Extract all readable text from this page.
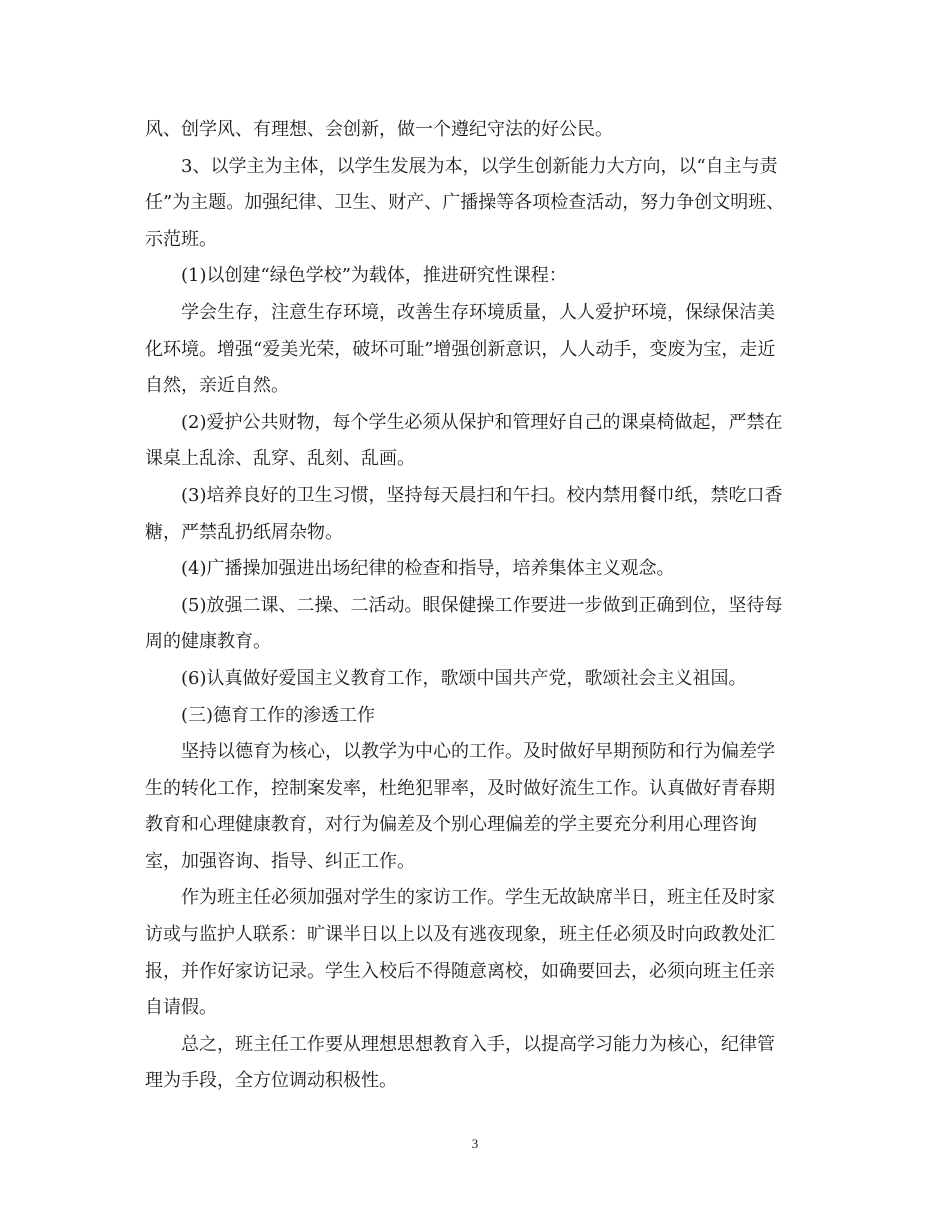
风、创学风、有理想、会创新，做一个遵纪守法的好公民。
3、以学主为主体，以学生发展为本，以学生创新能力大方向，以“自主与责
任”为主题。加强纪律、卫生、财产、广播操等各项检查活动，努力争创文明班、
示范班。
(1)以创建“绿色学校”为载体，推进研究性课程：
学会生存，注意生存环境，改善生存环境质量，人人爱护环境，保绿保洁美
化环境。增强“爱美光荣，破坏可耻”增强创新意识，人人动手，变废为宝，走近
自然，亲近自然。
(2)爱护公共财物，每个学生必须从保护和管理好自己的课桌椅做起，严禁在
课桌上乱涂、乱穿、乱刻、乱画。
(3)培养良好的卫生习惯，坚持每天晨扫和午扫。校内禁用餐巾纸，禁吃口香
糖，严禁乱扔纸屑杂物。
(4)广播操加强进出场纪律的检查和指导，培养集体主义观念。
(5)放强二课、二操、二活动。眼保健操工作要进一步做到正确到位，坚待每
周的健康教育。
(6)认真做好爱国主义教育工作，歌颂中国共产党，歌颂社会主义祖国。
(三)德育工作的渗透工作
坚持以德育为核心，以教学为中心的工作。及时做好早期预防和行为偏差学
生的转化工作，控制案发率，杜绝犯罪率，及时做好流生工作。认真做好青春期
教育和心理健康教育，对行为偏差及个别心理偏差的学主要充分利用心理咨询
室，加强咨询、指导、纠正工作。
作为班主任必须加强对学生的家访工作。学生无故缺席半日，班主任及时家
访或与监护人联系：旷课半日以上以及有逃夜现象，班主任必须及时向政教处汇
报，并作好家访记录。学生入校后不得随意离校，如确要回去，必须向班主任亲
自请假。
总之，班主任工作要从理想思想教育入手，以提高学习能力为核心，纪律管
理为手段，全方位调动积极性。
3
